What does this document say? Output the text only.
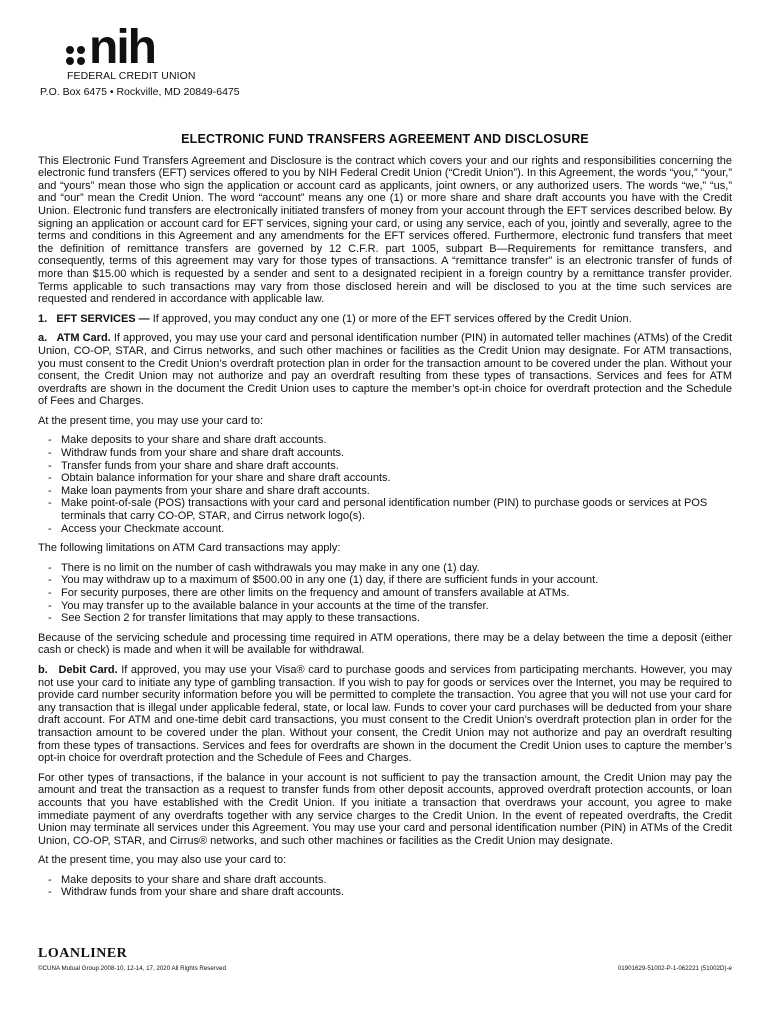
nih
FEDERAL CREDIT UNION
P.O. Box 6475 • Rockville, MD 20849-6475
ELECTRONIC FUND TRANSFERS AGREEMENT AND DISCLOSURE

This Electronic Fund Transfers Agreement and Disclosure is the contract which covers your and our rights and responsibilities concerning the electronic fund transfers (EFT) services offered to you by NIH Federal Credit Union (“Credit Union”). In this Agreement, the words “you,” “your,” and “yours” mean those who sign the application or account card as applicants, joint owners, or any authorized users. The words “we,” “us,” and “our” mean the Credit Union. The word “account” means any one (1) or more share and share draft accounts you have with the Credit Union. Electronic fund transfers are electronically initiated transfers of money from your account through the EFT services described below. By signing an application or account card for EFT services, signing your card, or using any service, each of you, jointly and severally, agree to the terms and conditions in this Agreement and any amendments for the EFT services offered. Furthermore, electronic fund transfers that meet the definition of remittance transfers are governed by 12 C.F.R. part 1005, subpart B—Requirements for remittance transfers, and consequently, terms of this agreement may vary for those types of transactions. A “remittance transfer” is an electronic transfer of funds of more than $15.00 which is requested by a sender and sent to a designated recipient in a foreign country by a remittance transfer provider. Terms applicable to such transactions may vary from those disclosed herein and will be disclosed to you at the time such services are requested and rendered in accordance with applicable law.

1. EFT SERVICES — If approved, you may conduct any one (1) or more of the EFT services offered by the Credit Union.

a. ATM Card. If approved, you may use your card and personal identification number (PIN) in automated teller machines (ATMs) of the Credit Union, CO-OP, STAR, and Cirrus networks, and such other machines or facilities as the Credit Union may designate. For ATM transactions, you must consent to the Credit Union’s overdraft protection plan in order for the transaction amount to be covered under the plan. Without your consent, the Credit Union may not authorize and pay an overdraft resulting from these types of transactions. Services and fees for ATM overdrafts are shown in the document the Credit Union uses to capture the member’s opt-in choice for overdraft protection and the Schedule of Fees and Charges.

At the present time, you may use your card to:

- Make deposits to your share and share draft accounts.
- Withdraw funds from your share and share draft accounts.
- Transfer funds from your share and share draft accounts.
- Obtain balance information for your share and share draft accounts.
- Make loan payments from your share and share draft accounts.
- Make point-of-sale (POS) transactions with your card and personal identification number (PIN) to purchase goods or services at POS terminals that carry CO-OP, STAR, and Cirrus network logo(s).
- Access your Checkmate account.

The following limitations on ATM Card transactions may apply:

- There is no limit on the number of cash withdrawals you may make in any one (1) day.
- You may withdraw up to a maximum of $500.00 in any one (1) day, if there are sufficient funds in your account.
- For security purposes, there are other limits on the frequency and amount of transfers available at ATMs.
- You may transfer up to the available balance in your accounts at the time of the transfer.
- See Section 2 for transfer limitations that may apply to these transactions.

Because of the servicing schedule and processing time required in ATM operations, there may be a delay between the time a deposit (either cash or check) is made and when it will be available for withdrawal.

b. Debit Card. If approved, you may use your Visa® card to purchase goods and services from participating merchants. However, you may not use your card to initiate any type of gambling transaction. If you wish to pay for goods or services over the Internet, you may be required to provide card number security information before you will be permitted to complete the transaction. You agree that you will not use your card for any transaction that is illegal under applicable federal, state, or local law. Funds to cover your card purchases will be deducted from your share draft account. For ATM and one-time debit card transactions, you must consent to the Credit Union’s overdraft protection plan in order for the transaction amount to be covered under the plan. Without your consent, the Credit Union may not authorize and pay an overdraft resulting from these types of transactions. Services and fees for overdrafts are shown in the document the Credit Union uses to capture the member’s opt-in choice for overdraft protection and the Schedule of Fees and Charges.

For other types of transactions, if the balance in your account is not sufficient to pay the transaction amount, the Credit Union may pay the amount and treat the transaction as a request to transfer funds from other deposit accounts, approved overdraft protection accounts, or loan accounts that you have established with the Credit Union. If you initiate a transaction that overdraws your account, you agree to make immediate payment of any overdrafts together with any service charges to the Credit Union. In the event of repeated overdrafts, the Credit Union may terminate all services under this Agreement. You may use your card and personal identification number (PIN) in ATMs of the Credit Union, CO-OP, STAR, and Cirrus® networks, and such other machines or facilities as the Credit Union may designate.

At the present time, you may also use your card to:

- Make deposits to your share and share draft accounts.
- Withdraw funds from your share and share draft accounts.
LOANLINER
©CUNA Mutual Group 2008-10, 12-14, 17, 2020 All Rights Reserved	01901629-51002-P-1-062221 (51002D)-e
